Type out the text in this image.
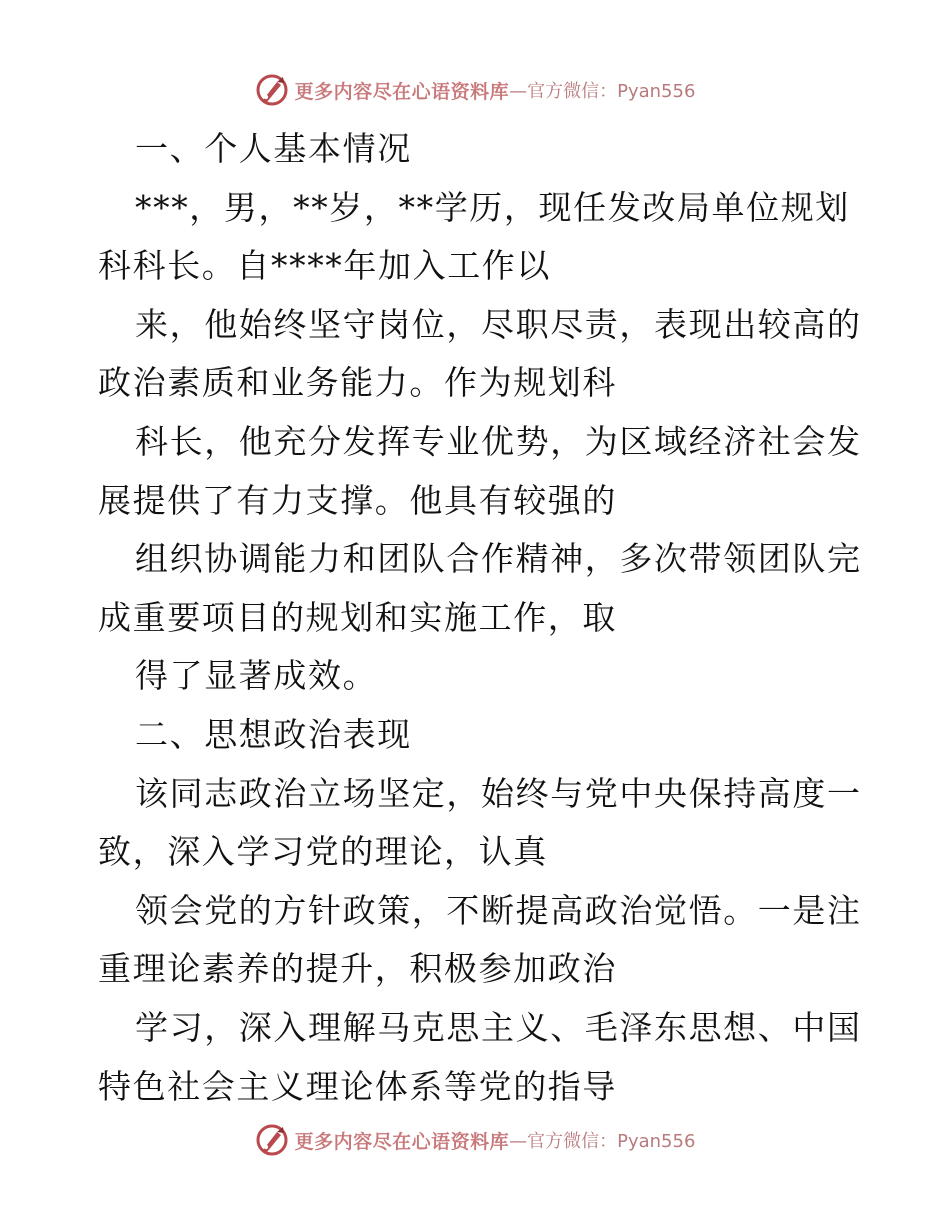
更多内容尽在心语资料库 —官方微信：Pyan556
一、个人基本情况
***，男，**岁，**学历，现任发改局单位规划
科科长。自****年加入工作以
来，他始终坚守岗位，尽职尽责，表现出较高的
政治素质和业务能力。作为规划科
科长，他充分发挥专业优势，为区域经济社会发
展提供了有力支撑。他具有较强的
组织协调能力和团队合作精神，多次带领团队完
成重要项目的规划和实施工作，取
得了显著成效。
二、思想政治表现
该同志政治立场坚定，始终与党中央保持高度一
致，深入学习党的理论，认真
领会党的方针政策，不断提高政治觉悟。一是注
重理论素养的提升，积极参加政治
学习，深入理解马克思主义、毛泽东思想、中国
特色社会主义理论体系等党的指导
更多内容尽在心语资料库 —官方微信：Pyan556
